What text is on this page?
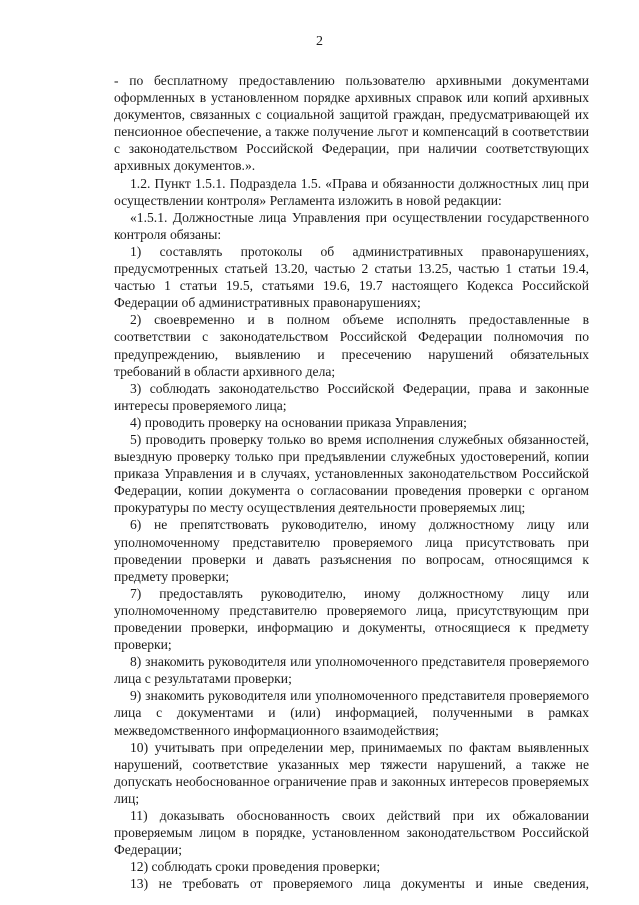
2

- по бесплатному предоставлению пользователю архивными документами оформленных в установленном порядке архивных справок или копий архивных документов, связанных с социальной защитой граждан, предусматривающей их пенсионное обеспечение, а также получение льгот и компенсаций в соответствии с законодательством Российской Федерации, при наличии соответствующих архивных документов.».

1.2. Пункт 1.5.1. Подраздела 1.5. «Права и обязанности должностных лиц при осуществлении контроля» Регламента изложить в новой редакции:

«1.5.1. Должностные лица Управления при осуществлении государственного контроля обязаны:

1) составлять протоколы об административных правонарушениях, предусмотренных статьей 13.20, частью 2 статьи 13.25, частью 1 статьи 19.4, частью 1 статьи 19.5, статьями 19.6, 19.7 настоящего Кодекса Российской Федерации об административных правонарушениях;

2) своевременно и в полном объеме исполнять предоставленные в соответствии с законодательством Российской Федерации полномочия по предупреждению, выявлению и пресечению нарушений обязательных требований в области архивного дела;

3) соблюдать законодательство Российской Федерации, права и законные интересы проверяемого лица;

4) проводить проверку на основании приказа Управления;

5) проводить проверку только во время исполнения служебных обязанностей, выездную проверку только при предъявлении служебных удостоверений, копии приказа Управления и в случаях, установленных законодательством Российской Федерации, копии документа о согласовании проведения проверки с органом прокуратуры по месту осуществления деятельности проверяемых лиц;

6) не препятствовать руководителю, иному должностному лицу или уполномоченному представителю проверяемого лица присутствовать при проведении проверки и давать разъяснения по вопросам, относящимся к предмету проверки;

7) предоставлять руководителю, иному должностному лицу или уполномоченному представителю проверяемого лица, присутствующим при проведении проверки, информацию и документы, относящиеся к предмету проверки;

8) знакомить руководителя или уполномоченного представителя проверяемого лица с результатами проверки;

9) знакомить руководителя или уполномоченного представителя проверяемого лица с документами и (или) информацией, полученными в рамках межведомственного информационного взаимодействия;

10) учитывать при определении мер, принимаемых по фактам выявленных нарушений, соответствие указанных мер тяжести нарушений, а также не допускать необоснованное ограничение прав и законных интересов проверяемых лиц;

11) доказывать обоснованность своих действий при их обжаловании проверяемым лицом в порядке, установленном законодательством Российской Федерации;

12) соблюдать сроки проведения проверки;

13) не требовать от проверяемого лица документы и иные сведения,
